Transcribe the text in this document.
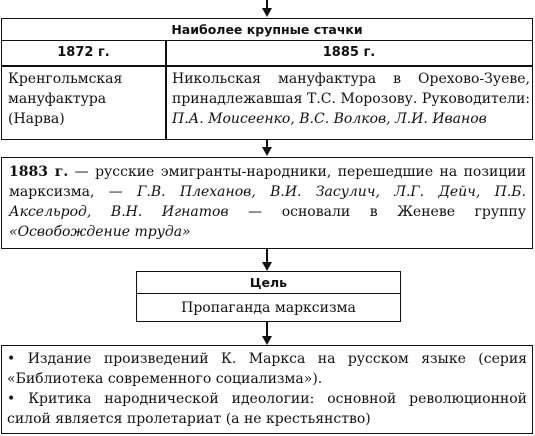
Наиболее крупные стачки
1872 г.	1885 г.
Кренгольмская мануфактура (Нарва)
Никольская мануфактура в Орехово-Зуеве, принадлежавшая Т.С. Морозову. Руководители: П.А. Моисеенко, В.С. Волков, Л.И. Иванов
1883 г. — русские эмигранты-народники, перешедшие на позиции марксизма, — Г.В. Плеханов, В.И. Засулич, Л.Г. Дейч, П.Б. Аксельрод, В.Н. Игнатов — основали в Женеве группу «Освобождение труда»
Цель
Пропаганда марксизма
• Издание произведений К. Маркса на русском языке (серия «Библиотека современного социализма»).
• Критика народнической идеологии: основной революционной силой является пролетариат (а не крестьянство)
